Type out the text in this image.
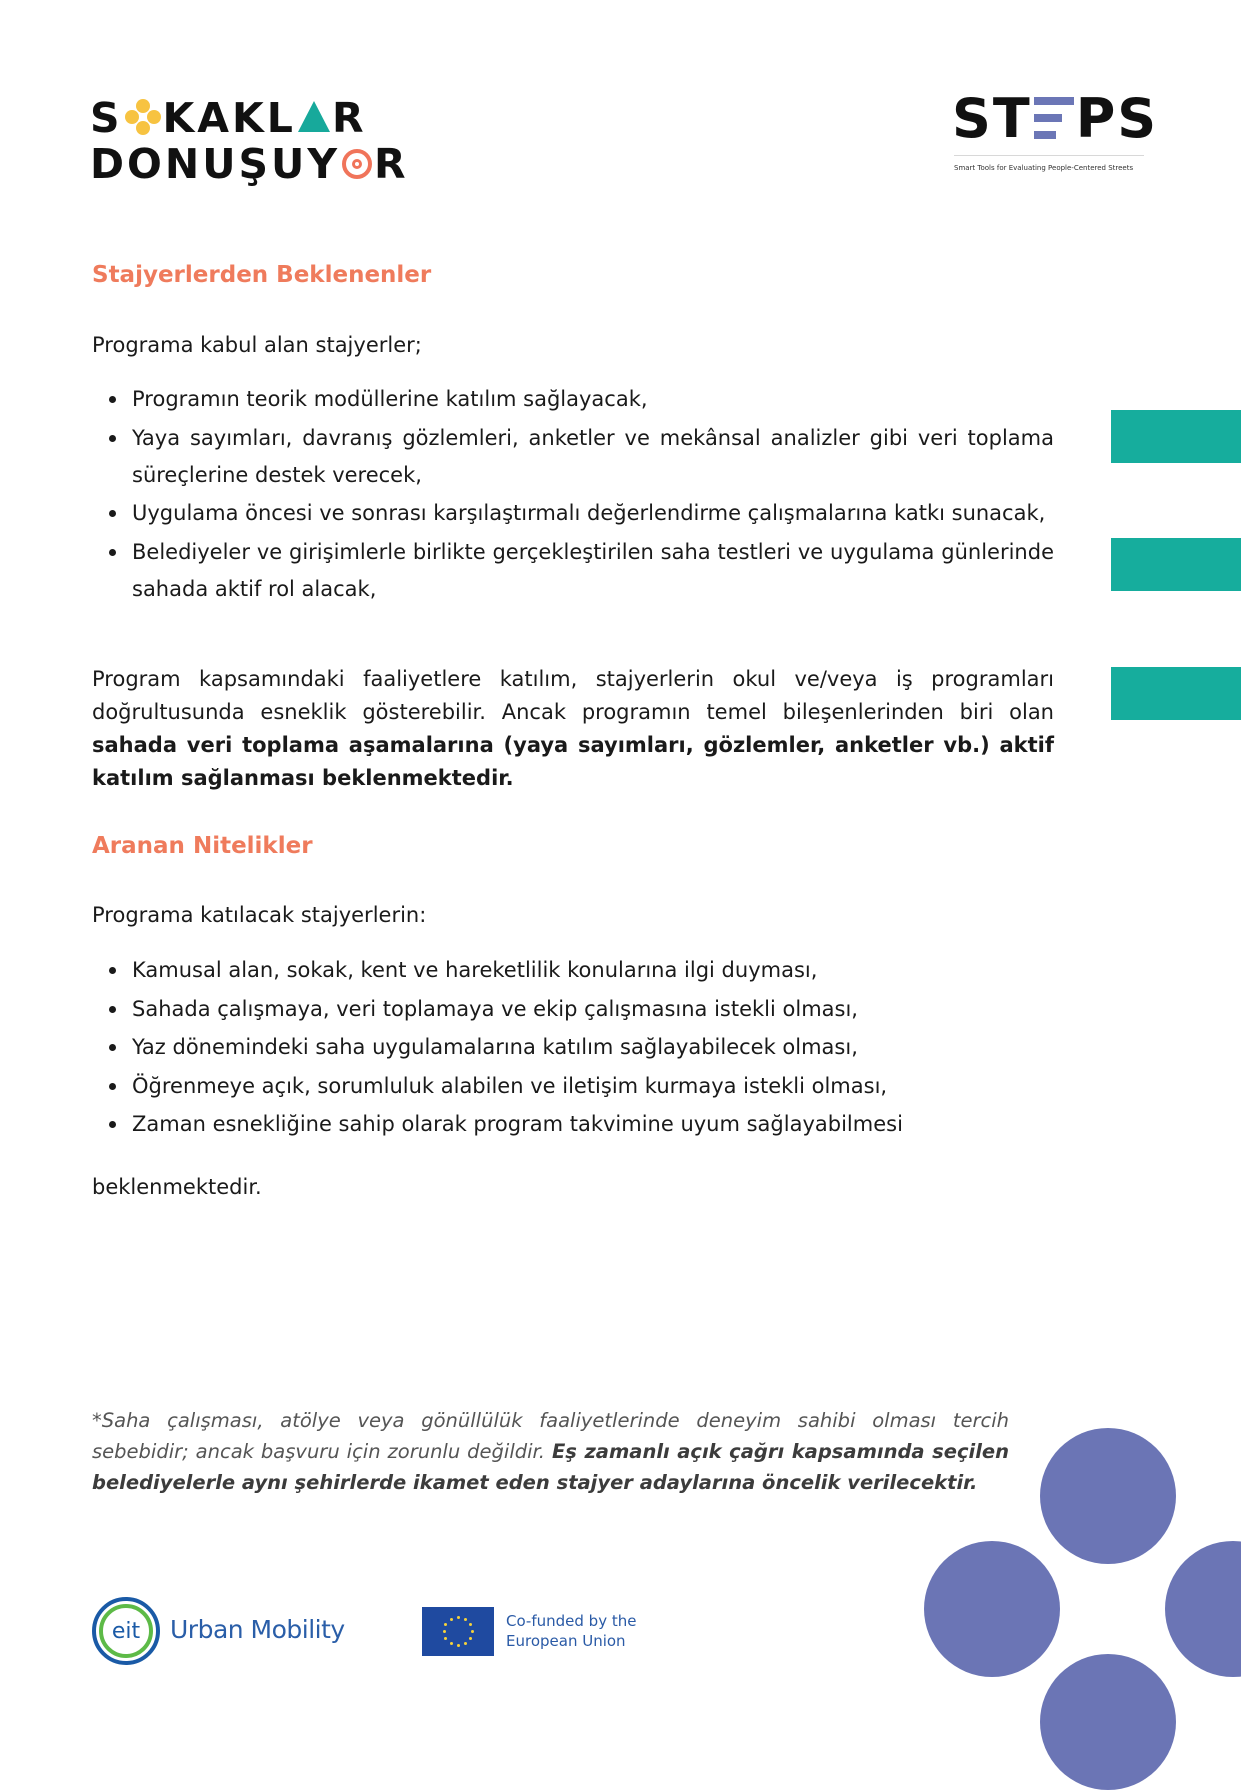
S KAKL R
DONUŞUY R
ST PS
Smart Tools for Evaluating People-Centered Streets
Stajyerlerden Beklenenler
Programa kabul alan stajyerler;
Programın teorik modüllerine katılım sağlayacak,
Yaya sayımları, davranış gözlemleri, anketler ve mekânsal analizler gibi veri toplama süreçlerine destek verecek,
Uygulama öncesi ve sonrası karşılaştırmalı değerlendirme çalışmalarına katkı sunacak,
Belediyeler ve girişimlerle birlikte gerçekleştirilen saha testleri ve uygulama günlerinde sahada aktif rol alacak,
Program kapsamındaki faaliyetlere katılım, stajyerlerin okul ve/veya iş programları doğrultusunda esneklik gösterebilir. Ancak programın temel bileşenlerinden biri olan sahada veri toplama aşamalarına (yaya sayımları, gözlemler, anketler vb.) aktif katılım sağlanması beklenmektedir.
Aranan Nitelikler
Programa katılacak stajyerlerin:
Kamusal alan, sokak, kent ve hareketlilik konularına ilgi duyması,
Sahada çalışmaya, veri toplamaya ve ekip çalışmasına istekli olması,
Yaz dönemindeki saha uygulamalarına katılım sağlayabilecek olması,
Öğrenmeye açık, sorumluluk alabilen ve iletişim kurmaya istekli olması,
Zaman esnekliğine sahip olarak program takvimine uyum sağlayabilmesi
beklenmektedir.
*Saha çalışması, atölye veya gönüllülük faaliyetlerinde deneyim sahibi olması tercih sebebidir; ancak başvuru için zorunlu değildir. Eş zamanlı açık çağrı kapsamında seçilen belediyelerle aynı şehirlerde ikamet eden stajyer adaylarına öncelik verilecektir.
eit	Urban Mobility	Co-funded by the
European Union
